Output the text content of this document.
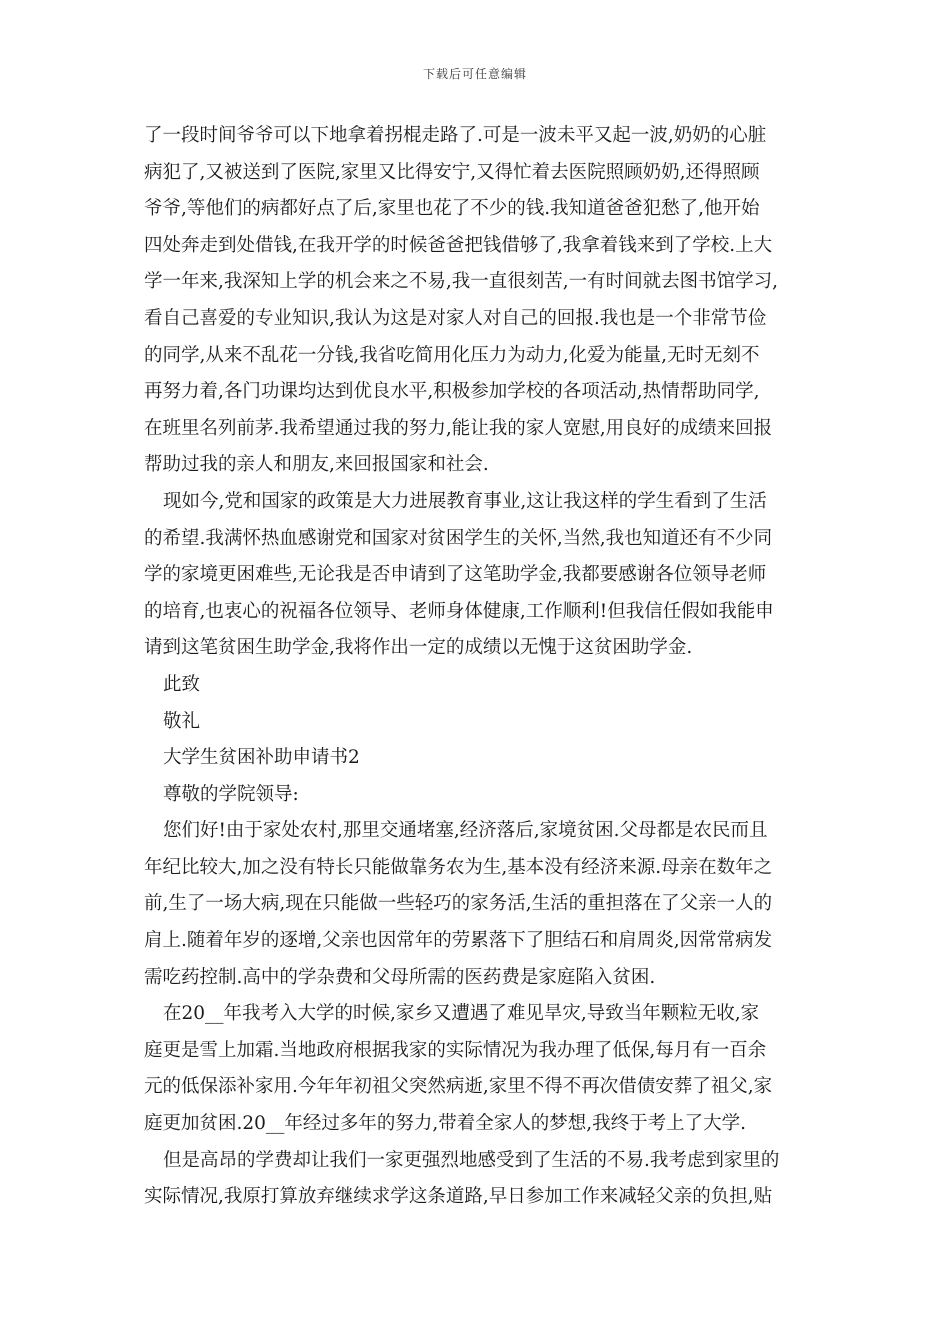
下载后可任意编辑
了一段时间爷爷可以下地拿着拐棍走路了.可是一波未平又起一波,奶奶的心脏
病犯了,又被送到了医院,家里又比得安宁,又得忙着去医院照顾奶奶,还得照顾
爷爷,等他们的病都好点了后,家里也花了不少的钱.我知道爸爸犯愁了,他开始
四处奔走到处借钱,在我开学的时候爸爸把钱借够了,我拿着钱来到了学校.上大
学一年来,我深知上学的机会来之不易,我一直很刻苦,一有时间就去图书馆学习,
看自己喜爱的专业知识,我认为这是对家人对自己的回报.我也是一个非常节俭
的同学,从来不乱花一分钱,我省吃简用化压力为动力,化爱为能量,无时无刻不
再努力着,各门功课均达到优良水平,积极参加学校的各项活动,热情帮助同学,
在班里名列前茅.我希望通过我的努力,能让我的家人宽慰,用良好的成绩来回报
帮助过我的亲人和朋友,来回报国家和社会.
现如今,党和国家的政策是大力进展教育事业,这让我这样的学生看到了生活
的希望.我满怀热血感谢党和国家对贫困学生的关怀,当然,我也知道还有不少同
学的家境更困难些,无论我是否申请到了这笔助学金,我都要感谢各位领导老师
的培育,也衷心的祝福各位领导、老师身体健康,工作顺利!但我信任假如我能申
请到这笔贫困生助学金,我将作出一定的成绩以无愧于这贫困助学金.
此致
敬礼
大学生贫困补助申请书2
尊敬的学院领导:
您们好!由于家处农村,那里交通堵塞,经济落后,家境贫困.父母都是农民而且
年纪比较大,加之没有特长只能做靠务农为生,基本没有经济来源.母亲在数年之
前,生了一场大病,现在只能做一些轻巧的家务活,生活的重担落在了父亲一人的
肩上.随着年岁的逐增,父亲也因常年的劳累落下了胆结石和肩周炎,因常常病发
需吃药控制.高中的学杂费和父母所需的医药费是家庭陷入贫困.
在20__年我考入大学的时候,家乡又遭遇了难见旱灾,导致当年颗粒无收,家
庭更是雪上加霜.当地政府根据我家的实际情况为我办理了低保,每月有一百余
元的低保添补家用.今年年初祖父突然病逝,家里不得不再次借债安葬了祖父,家
庭更加贫困.20__年经过多年的努力,带着全家人的梦想,我终于考上了大学.
但是高昂的学费却让我们一家更强烈地感受到了生活的不易.我考虑到家里的
实际情况,我原打算放弃继续求学这条道路,早日参加工作来减轻父亲的负担,贴
